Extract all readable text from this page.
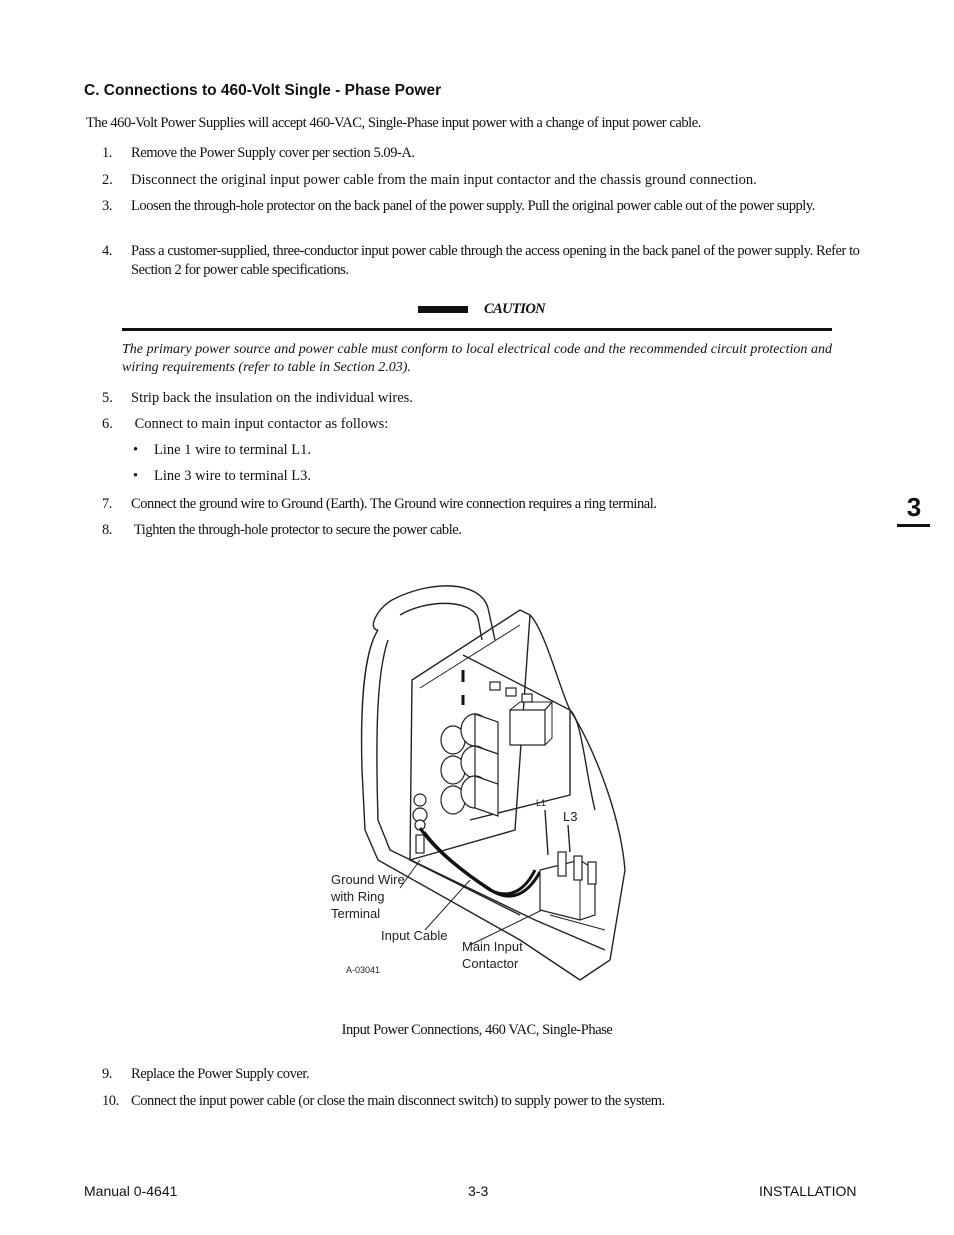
C. Connections to 460-Volt Single - Phase Power
The 460-Volt Power Supplies will accept 460-VAC, Single-Phase input power with a change of input power cable.
1. Remove the Power Supply cover per section 5.09-A.
2. Disconnect the original input power cable from the main input contactor and the chassis ground connection.
3. Loosen the through-hole protector on the back panel of the power supply. Pull the original power cable out of the power supply.
4. Pass a customer-supplied, three-conductor input power cable through the access opening in the back panel of the power supply. Refer to Section 2 for power cable specifications.
CAUTION
The primary power source and power cable must conform to local electrical code and the recommended circuit protection and wiring requirements (refer to table in Section 2.03).
5. Strip back the insulation on the individual wires.
6. Connect to main input contactor as follows:
• Line 1 wire to terminal L1.
• Line 3 wire to terminal L3.
7. Connect the ground wire to Ground (Earth). The Ground wire connection requires a ring terminal.
8. Tighten the through-hole protector to secure the power cable.
3
L1
L3
Ground Wire
with Ring
Terminal
Input Cable
Main Input
Contactor
A-03041
Input Power Connections, 460 VAC, Single-Phase
9. Replace the Power Supply cover.
10. Connect the input power cable (or close the main disconnect switch) to supply power to the system.
Manual 0-4641	3-3	INSTALLATION
